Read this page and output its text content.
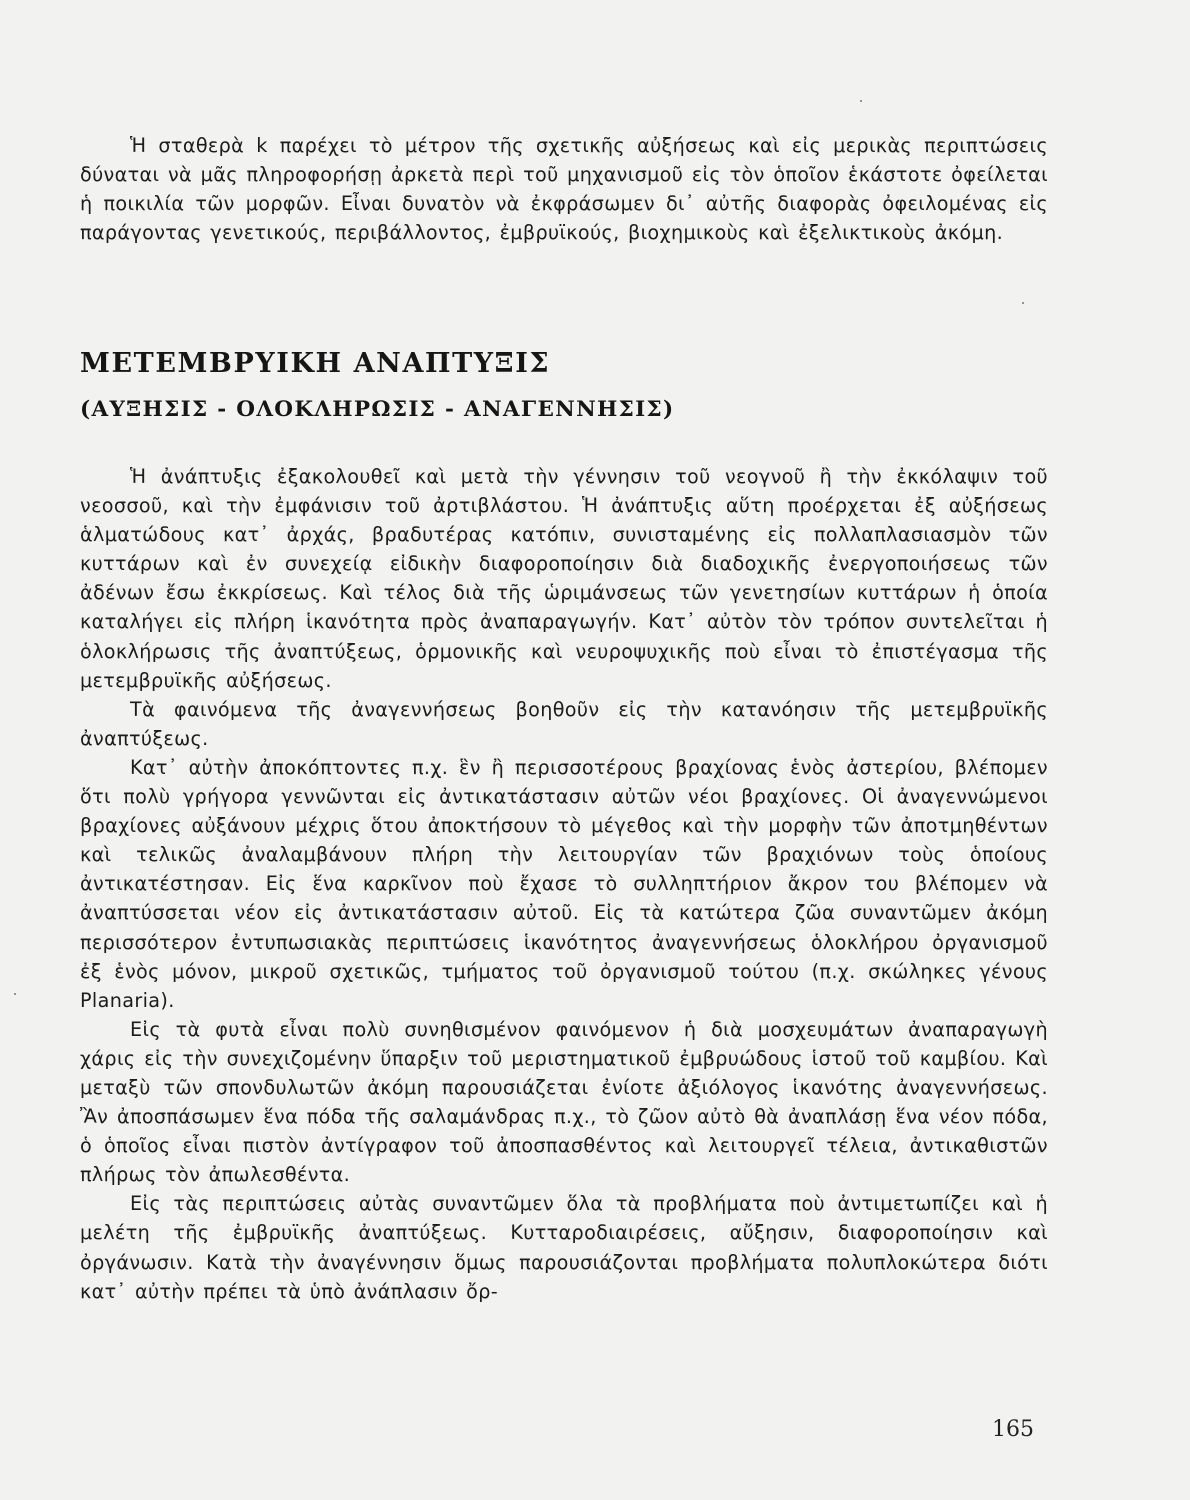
Ἡ σταθερὰ k παρέχει τὸ μέτρον τῆς σχετικῆς αὐξήσεως καὶ εἰς μερικὰς περιπτώσεις δύναται νὰ μᾶς πληροφορήσῃ ἀρκετὰ περὶ τοῦ μηχανισμοῦ εἰς τὸν ὁποῖον ἑκάστοτε ὀφείλεται ἡ ποικιλία τῶν μορφῶν. Εἶναι δυνατὸν νὰ ἐκφράσωμεν δι᾽ αὐτῆς διαφορὰς ὀφειλομένας εἰς παράγοντας γενετικούς, περιβάλλοντος, ἐμβρυϊκούς, βιοχημικοὺς καὶ ἐξελικτικοὺς ἀκόμη.

ΜΕΤΕΜΒΡΥΙΚΗ ΑΝΑΠΤΥΞΙΣ
(ΑΥΞΗΣΙΣ - ΟΛΟΚΛΗΡΩΣΙΣ - ΑΝΑΓΕΝΝΗΣΙΣ)

Ἡ ἀνάπτυξις ἐξακολουθεῖ καὶ μετὰ τὴν γέννησιν τοῦ νεογνοῦ ἢ τὴν ἐκκόλαψιν τοῦ νεοσσοῦ, καὶ τὴν ἐμφάνισιν τοῦ ἀρτιβλάστου. Ἡ ἀνάπτυξις αὕτη προέρχεται ἐξ αὐξήσεως ἁλματώδους κατ᾽ ἀρχάς, βραδυτέρας κατόπιν, συνισταμένης εἰς πολλαπλασιασμὸν τῶν κυττάρων καὶ ἐν συνεχείᾳ εἰδικὴν διαφοροποίησιν διὰ διαδοχικῆς ἐνεργοποιήσεως τῶν ἀδένων ἔσω ἐκκρίσεως. Καὶ τέλος διὰ τῆς ὡριμάνσεως τῶν γενετησίων κυττάρων ἡ ὁποία καταλήγει εἰς πλήρη ἱκανότητα πρὸς ἀναπαραγωγήν. Κατ᾽ αὐτὸν τὸν τρόπον συντελεῖται ἡ ὁλοκλήρωσις τῆς ἀναπτύξεως, ὁρμονικῆς καὶ νευροψυχικῆς ποὺ εἶναι τὸ ἐπιστέγασμα τῆς μετεμβρυϊκῆς αὐξήσεως.

Τὰ φαινόμενα τῆς ἀναγεννήσεως βοηθοῦν εἰς τὴν κατανόησιν τῆς μετεμβρυϊκῆς ἀναπτύξεως.

Κατ᾽ αὐτὴν ἀποκόπτοντες π.χ. ἓν ἢ περισσοτέρους βραχίονας ἑνὸς ἀστερίου, βλέπομεν ὅτι πολὺ γρήγορα γεννῶνται εἰς ἀντικατάστασιν αὐτῶν νέοι βραχίονες. Οἱ ἀναγεννώμενοι βραχίονες αὐξάνουν μέχρις ὅτου ἀποκτήσουν τὸ μέγεθος καὶ τὴν μορφὴν τῶν ἀποτμηθέντων καὶ τελικῶς ἀναλαμβάνουν πλήρη τὴν λειτουργίαν τῶν βραχιόνων τοὺς ὁποίους ἀντικατέστησαν. Εἰς ἕνα καρκῖνον ποὺ ἔχασε τὸ συλληπτήριον ἄκρον του βλέπομεν νὰ ἀναπτύσσεται νέον εἰς ἀντικατάστασιν αὐτοῦ. Εἰς τὰ κατώτερα ζῶα συναντῶμεν ἀκόμη περισσότερον ἐντυπωσιακὰς περιπτώσεις ἱκανότητος ἀναγεννήσεως ὁλοκλήρου ὀργανισμοῦ ἐξ ἑνὸς μόνον, μικροῦ σχετικῶς, τμήματος τοῦ ὀργανισμοῦ τούτου (π.χ. σκώληκες γένους Planaria).

Εἰς τὰ φυτὰ εἶναι πολὺ συνηθισμένον φαινόμενον ἡ διὰ μοσχευμάτων ἀναπαραγωγὴ χάρις εἰς τὴν συνεχιζομένην ὕπαρξιν τοῦ μεριστηματικοῦ ἐμβρυώδους ἱστοῦ τοῦ καμβίου. Καὶ μεταξὺ τῶν σπονδυλωτῶν ἀκόμη παρουσιάζεται ἐνίοτε ἀξιόλογος ἱκανότης ἀναγεννήσεως. Ἂν ἀποσπάσωμεν ἕνα πόδα τῆς σαλαμάνδρας π.χ., τὸ ζῶον αὐτὸ θὰ ἀναπλάσῃ ἕνα νέον πόδα, ὁ ὁποῖος εἶναι πιστὸν ἀντίγραφον τοῦ ἀποσπασθέντος καὶ λειτουργεῖ τέλεια, ἀντικαθιστῶν πλήρως τὸν ἀπωλεσθέντα.

Εἰς τὰς περιπτώσεις αὐτὰς συναντῶμεν ὅλα τὰ προβλήματα ποὺ ἀντιμετωπίζει καὶ ἡ μελέτη τῆς ἐμβρυϊκῆς ἀναπτύξεως. Κυτταροδιαιρέσεις, αὔξησιν, διαφοροποίησιν καὶ ὀργάνωσιν. Κατὰ τὴν ἀναγέννησιν ὅμως παρουσιάζονται προβλήματα πολυπλοκώτερα διότι κατ᾽ αὐτὴν πρέπει τὰ ὑπὸ ἀνάπλασιν ὄρ-

165
